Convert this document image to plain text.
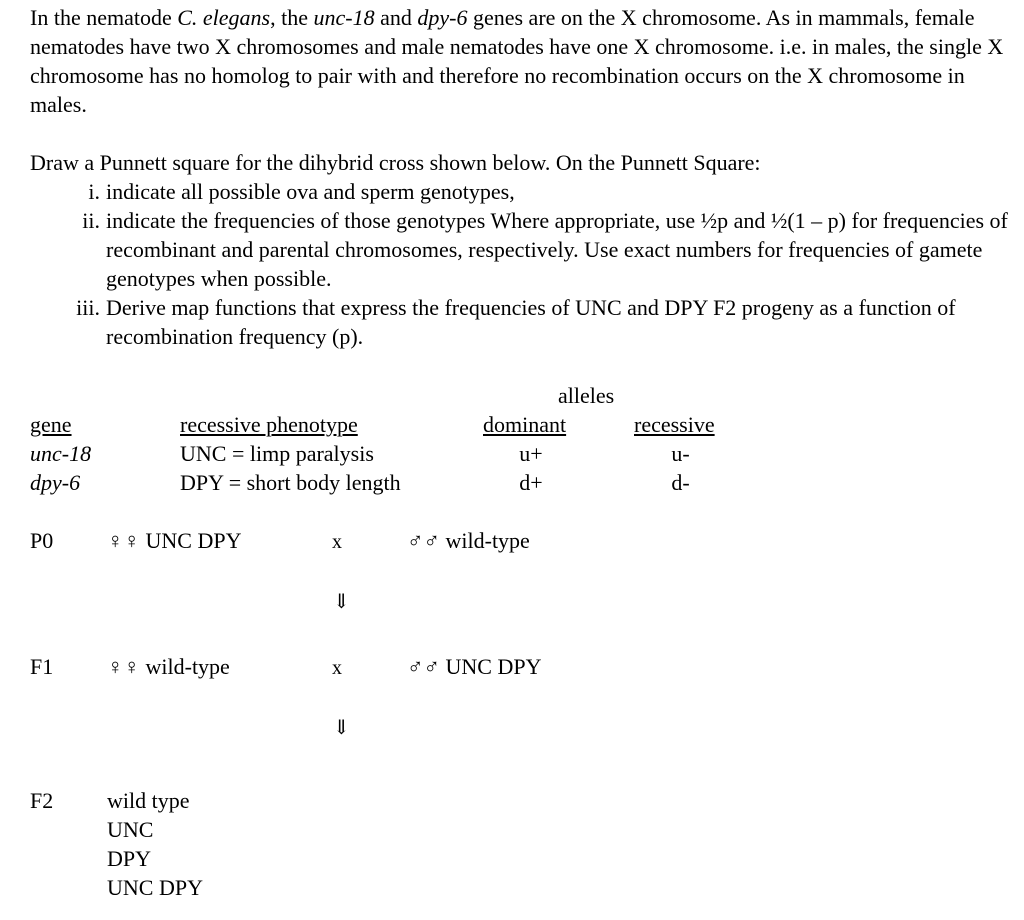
In the nematode C. elegans, the unc-18 and dpy-6 genes are on the X chromosome. As in mammals, female nematodes have two X chromosomes and male nematodes have one X chromosome. i.e. in males, the single X chromosome has no homolog to pair with and therefore no recombination occurs on the X chromosome in males.

Draw a Punnett square for the dihybrid cross shown below. On the Punnett Square:

i. indicate all possible ova and sperm genotypes,
ii. indicate the frequencies of those genotypes Where appropriate, use ½p and ½(1 – p) for frequencies of recombinant and parental chromosomes, respectively. Use exact numbers for frequencies of gamete genotypes when possible.
iii. Derive map functions that express the frequencies of UNC and DPY F2 progeny as a function of recombination frequency (p).
alleles
gene	recessive phenotype	dominant	recessive
unc-18	UNC = limp paralysis	u+	u-
dpy-6	DPY = short body length	d+	d-
P0 ♀♀ UNC DPY	x	♂♂ wild-type
⇓
F1 ♀♀ wild-type	x	♂♂ UNC DPY
⇓
F2 wild type
UNC
DPY
UNC DPY
